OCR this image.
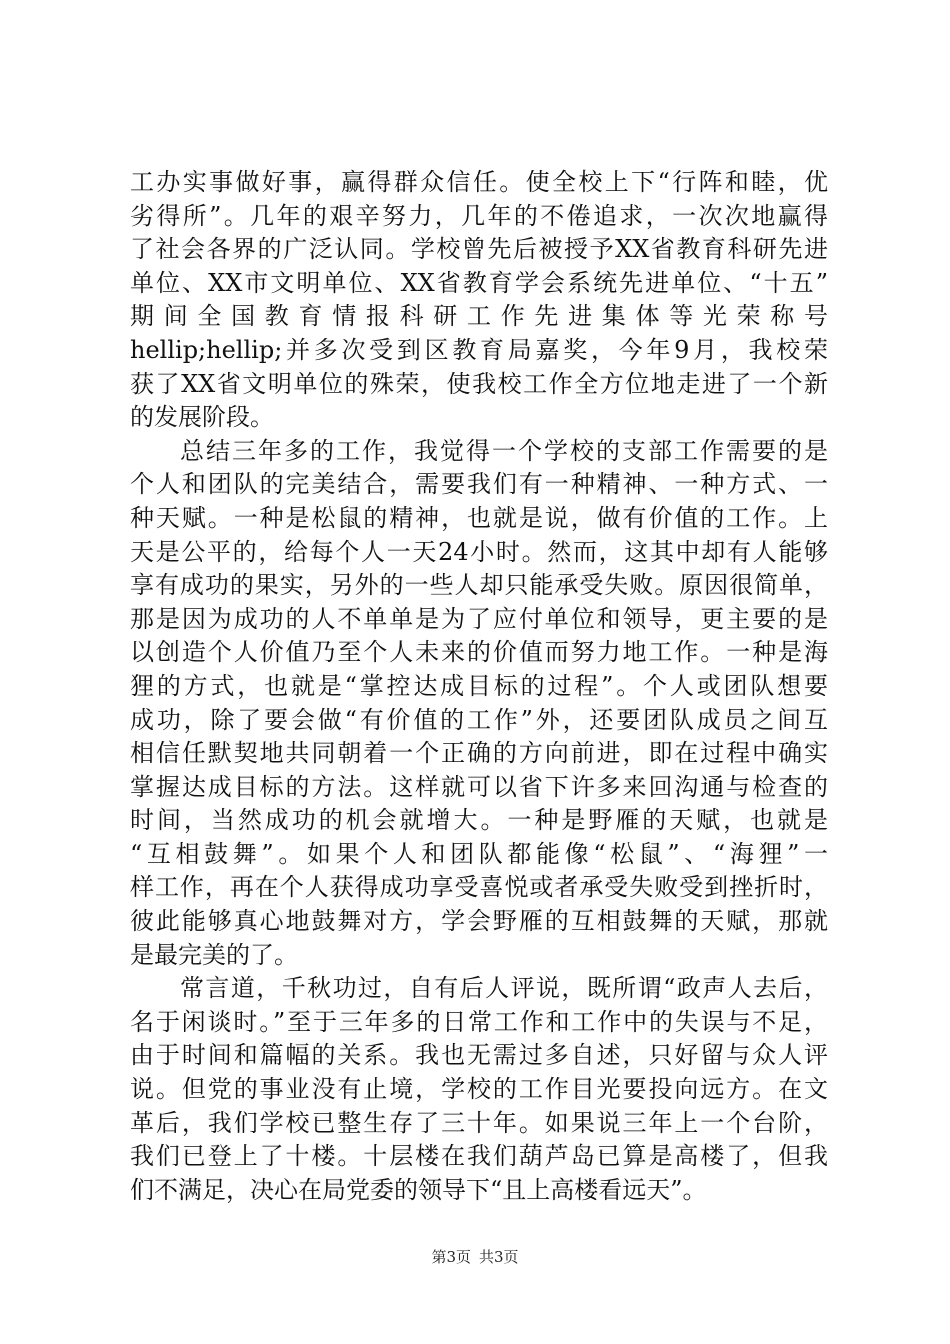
工办实事做好事，赢得群众信任。使全校上下“行阵和睦，优
劣得所”。几年的艰辛努力，几年的不倦追求，一次次地赢得
了社会各界的广泛认同。学校曾先后被授予XX省教育科研先进
单位、XX市文明单位、XX省教育学会系统先进单位、“十五”
期间全国教育情报科研工作先进集体等光荣称号
hellip;hellip;并多次受到区教育局嘉奖，今年9月，我校荣
获了XX省文明单位的殊荣，使我校工作全方位地走进了一个新
的发展阶段。
总结三年多的工作，我觉得一个学校的支部工作需要的是
个人和团队的完美结合，需要我们有一种精神、一种方式、一
种天赋。一种是松鼠的精神，也就是说，做有价值的工作。上
天是公平的，给每个人一天24小时。然而，这其中却有人能够
享有成功的果实，另外的一些人却只能承受失败。原因很简单，
那是因为成功的人不单单是为了应付单位和领导，更主要的是
以创造个人价值乃至个人未来的价值而努力地工作。一种是海
狸的方式，也就是“掌控达成目标的过程”。个人或团队想要
成功，除了要会做“有价值的工作”外，还要团队成员之间互
相信任默契地共同朝着一个正确的方向前进，即在过程中确实
掌握达成目标的方法。这样就可以省下许多来回沟通与检查的
时间，当然成功的机会就增大。一种是野雁的天赋，也就是
“互相鼓舞”。如果个人和团队都能像“松鼠”、“海狸”一
样工作，再在个人获得成功享受喜悦或者承受失败受到挫折时，
彼此能够真心地鼓舞对方，学会野雁的互相鼓舞的天赋，那就
是最完美的了。
常言道，千秋功过，自有后人评说，既所谓“政声人去后，
名于闲谈时。”至于三年多的日常工作和工作中的失误与不足，
由于时间和篇幅的关系。我也无需过多自述，只好留与众人评
说。但党的事业没有止境，学校的工作目光要投向远方。在文
革后，我们学校已整生存了三十年。如果说三年上一个台阶，
我们已登上了十楼。十层楼在我们葫芦岛已算是高楼了，但我
们不满足，决心在局党委的领导下“且上高楼看远天”。
第3页 共3页
